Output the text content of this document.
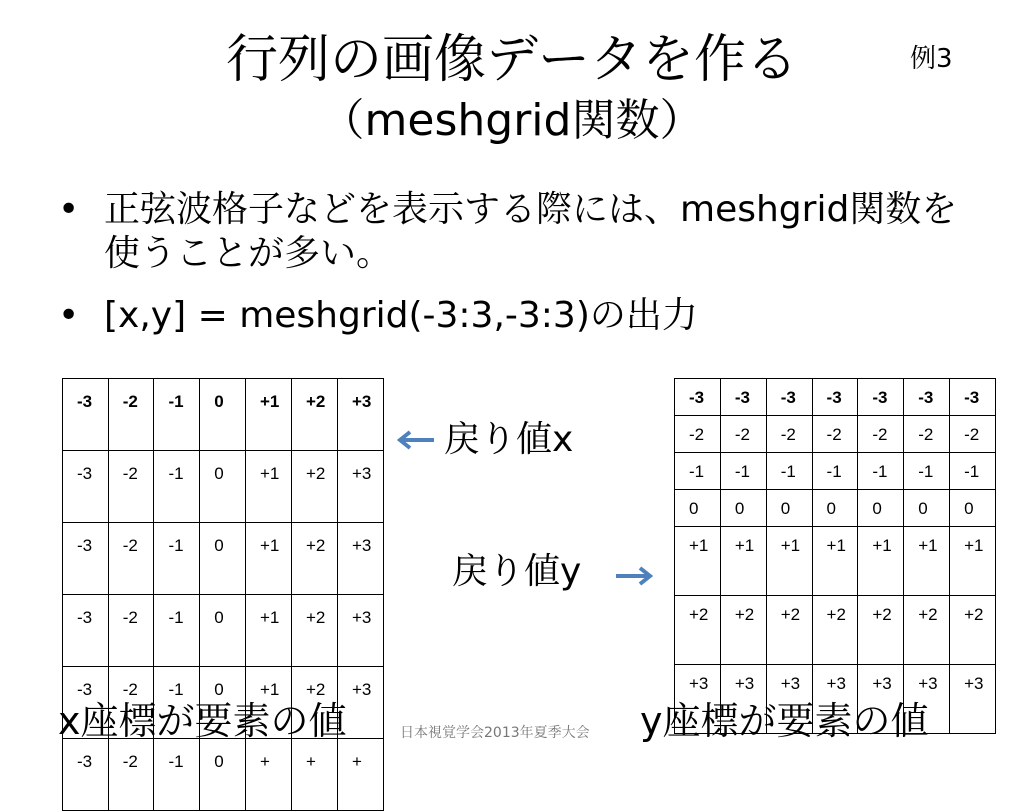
行列の画像データを作る
（meshgrid関数）
例3
• 正弦波格子などを表示する際には、meshgrid関数を使うことが多い。
• [x,y] = meshgrid(-3:3,-3:3)の出力
-3	-2	-1	0	+1	+2	+3
-3	-2	-1	0	+1	+2	+3
-3	-2	-1	0	+1	+2	+3
-3	-2	-1	0	+1	+2	+3
-3	-2	-1	0	+1	+2	+3
-3	-2	-1	0	+	+	+
-3	-3	-3	-3	-3	-3	-3
-2	-2	-2	-2	-2	-2	-2
-1	-1	-1	-1	-1	-1	-1
0	0	0	0	0	0	0
+1	+1	+1	+1	+1	+1	+1
+2	+2	+2	+2	+2	+2	+2
+3	+3	+3	+3	+3	+3	+3
戻り値x
戻り値y
x座標が要素の値	y座標が要素の値
日本視覚学会2013年夏季大会
